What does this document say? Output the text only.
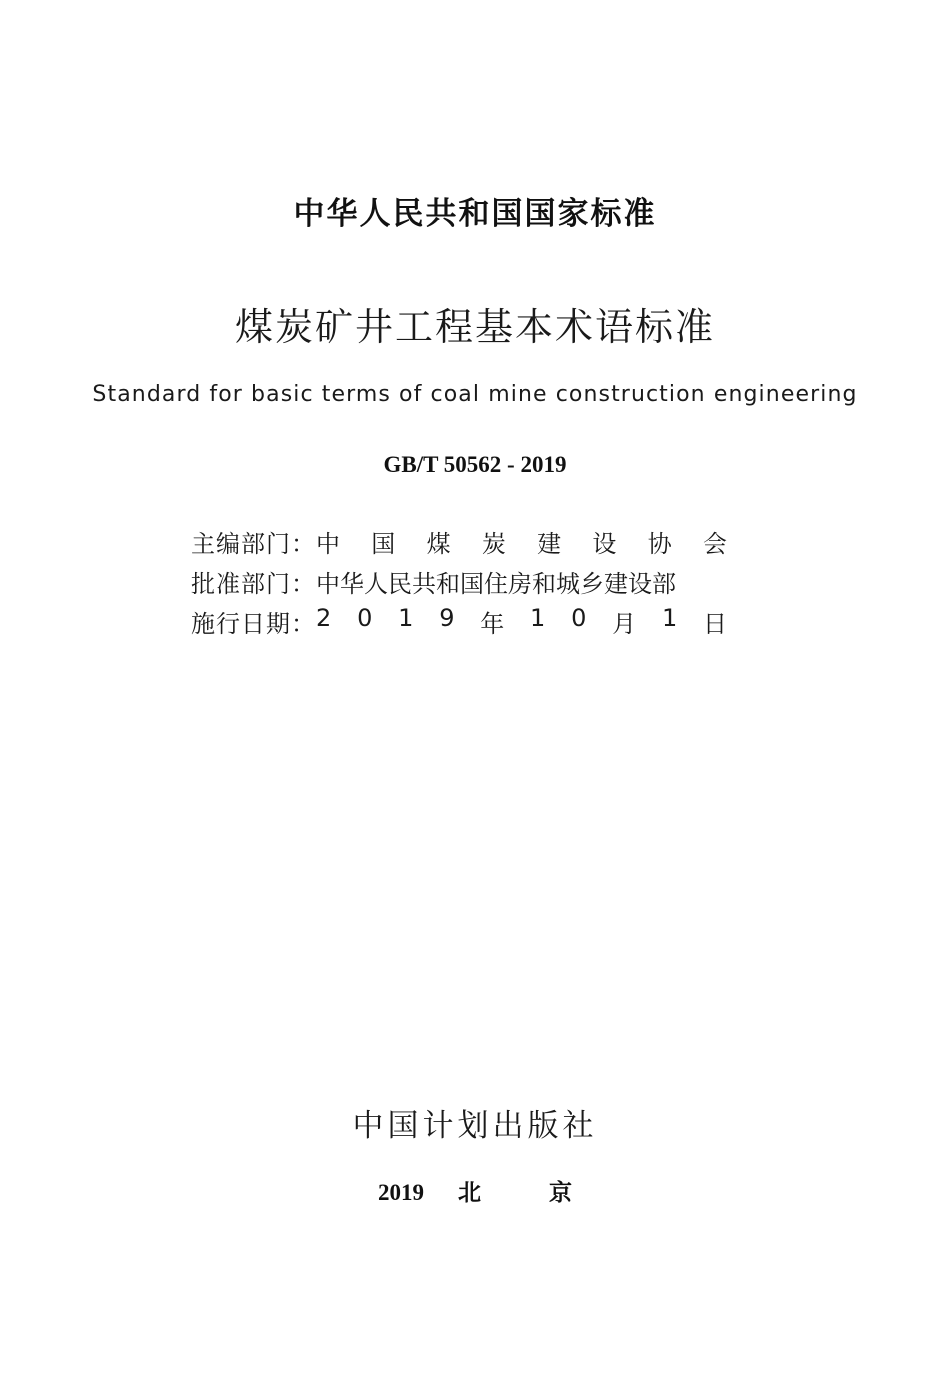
中华人民共和国国家标准
煤炭矿井工程基本术语标准
Standard for basic terms of coal mine construction engineering
GB/T 50562 - 2019
主编部门： 中 国 煤 炭 建 设 协 会
批准部门： 中华人民共和国住房和城乡建设部
施行日期： 2 0 1 9 年 1 0 月 1 日
中国计划出版社
2019 北	京
